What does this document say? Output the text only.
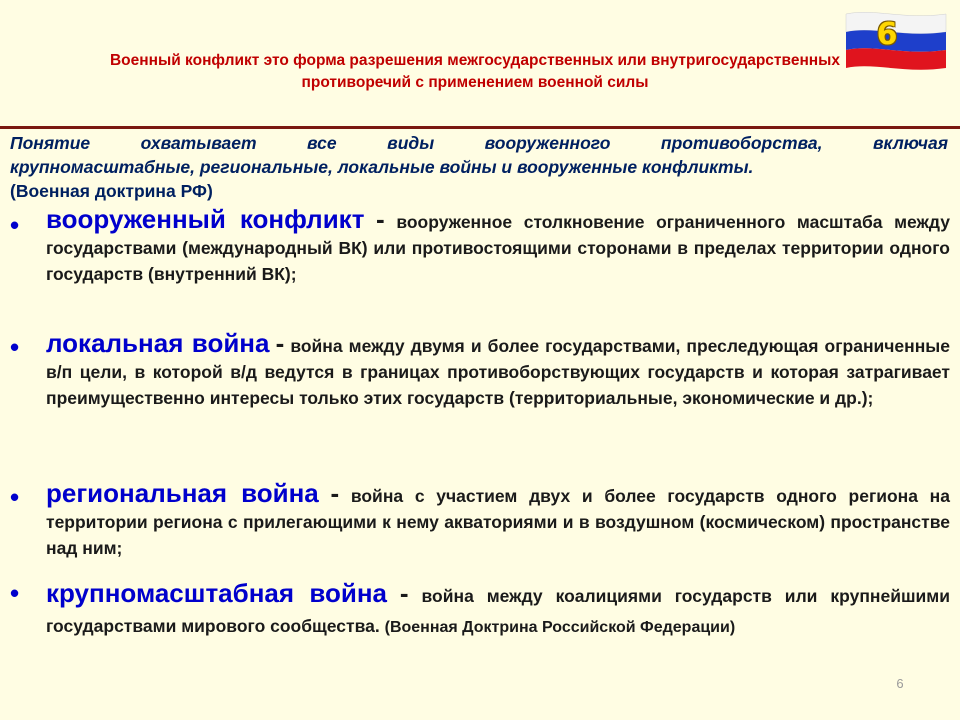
Военный конфликт это форма разрешения межгосударственных или внутригосударственных
противоречий с применением военной силы
6
Понятие охватывает все виды вооруженного противоборства, включая
крупномасштабные, региональные, локальные войны и вооруженные конфликты.
(Военная доктрина РФ)
• вооруженный конфликт - вооруженное столкновение ограниченного масштаба между государствами (международный ВК) или противостоящими сторонами в пределах территории одного государств (внутренний ВК);
• локальная война - война между двумя и более государствами, преследующая ограниченные в/п цели, в которой в/д ведутся в границах противоборствующих государств и которая затрагивает преимущественно интересы только этих государств (территориальные, экономические и др.);
• региональная война - война с участием двух и более государств одного региона на территории региона с прилегающими к нему акваториями и в воздушном (космическом) пространстве над ним;
• крупномасштабная война - война между коалициями государств или крупнейшими государствами мирового сообщества. (Военная Доктрина Российской Федерации)
6
